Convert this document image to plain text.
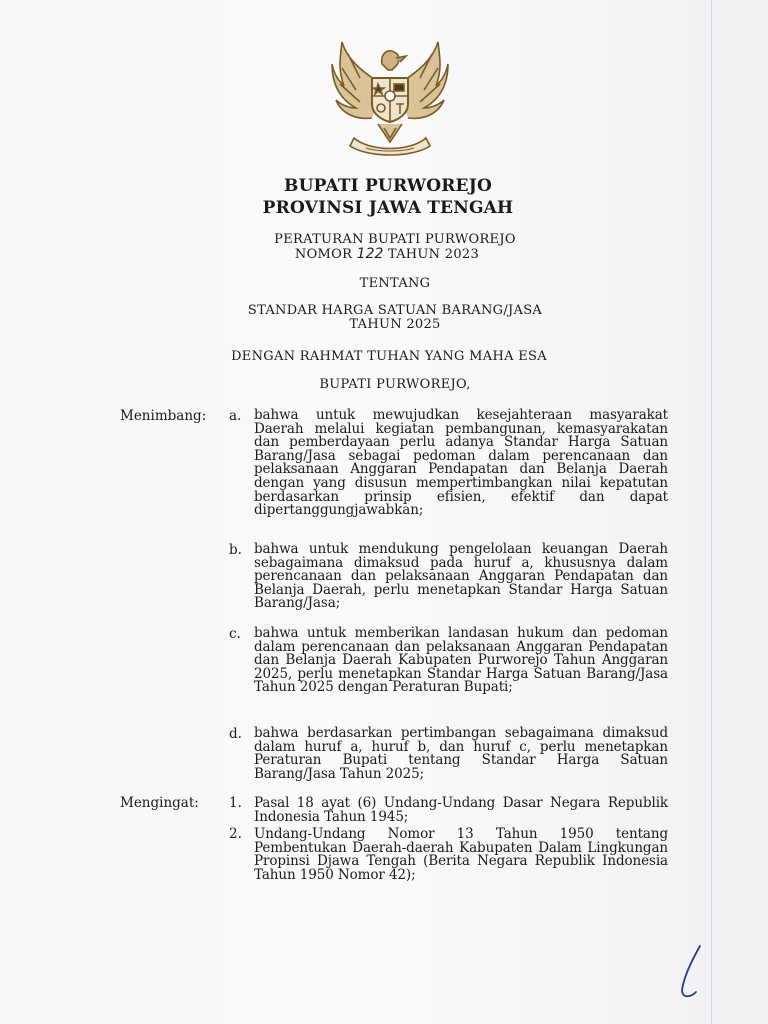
BUPATI PURWOREJO
PROVINSI JAWA TENGAH
PERATURAN BUPATI PURWOREJO
NOMOR 122 TAHUN 2023
TENTANG
STANDAR HARGA SATUAN BARANG/JASA
TAHUN 2025
DENGAN RAHMAT TUHAN YANG MAHA ESA
BUPATI PURWOREJO,
Menimbang: a. bahwa untuk mewujudkan kesejahteraan masyarakat Daerah melalui kegiatan pembangunan, kemasyarakatan dan pemberdayaan perlu adanya Standar Harga Satuan Barang/Jasa sebagai pedoman dalam perencanaan dan pelaksanaan Anggaran Pendapatan dan Belanja Daerah dengan yang disusun mempertimbangkan nilai kepatutan berdasarkan prinsip efisien, efektif dan dapat dipertanggungjawabkan;
b. bahwa untuk mendukung pengelolaan keuangan Daerah sebagaimana dimaksud pada huruf a, khususnya dalam perencanaan dan pelaksanaan Anggaran Pendapatan dan Belanja Daerah, perlu menetapkan Standar Harga Satuan Barang/Jasa;
c. bahwa untuk memberikan landasan hukum dan pedoman dalam perencanaan dan pelaksanaan Anggaran Pendapatan dan Belanja Daerah Kabupaten Purworejo Tahun Anggaran 2025, perlu menetapkan Standar Harga Satuan Barang/Jasa Tahun 2025 dengan Peraturan Bupati;
d. bahwa berdasarkan pertimbangan sebagaimana dimaksud dalam huruf a, huruf b, dan huruf c, perlu menetapkan Peraturan Bupati tentang Standar Harga Satuan Barang/Jasa Tahun 2025;
Mengingat: 1. Pasal 18 ayat (6) Undang-Undang Dasar Negara Republik Indonesia Tahun 1945;
2. Undang-Undang Nomor 13 Tahun 1950 tentang Pembentukan Daerah-daerah Kabupaten Dalam Lingkungan Propinsi Djawa Tengah (Berita Negara Republik Indonesia Tahun 1950 Nomor 42);
